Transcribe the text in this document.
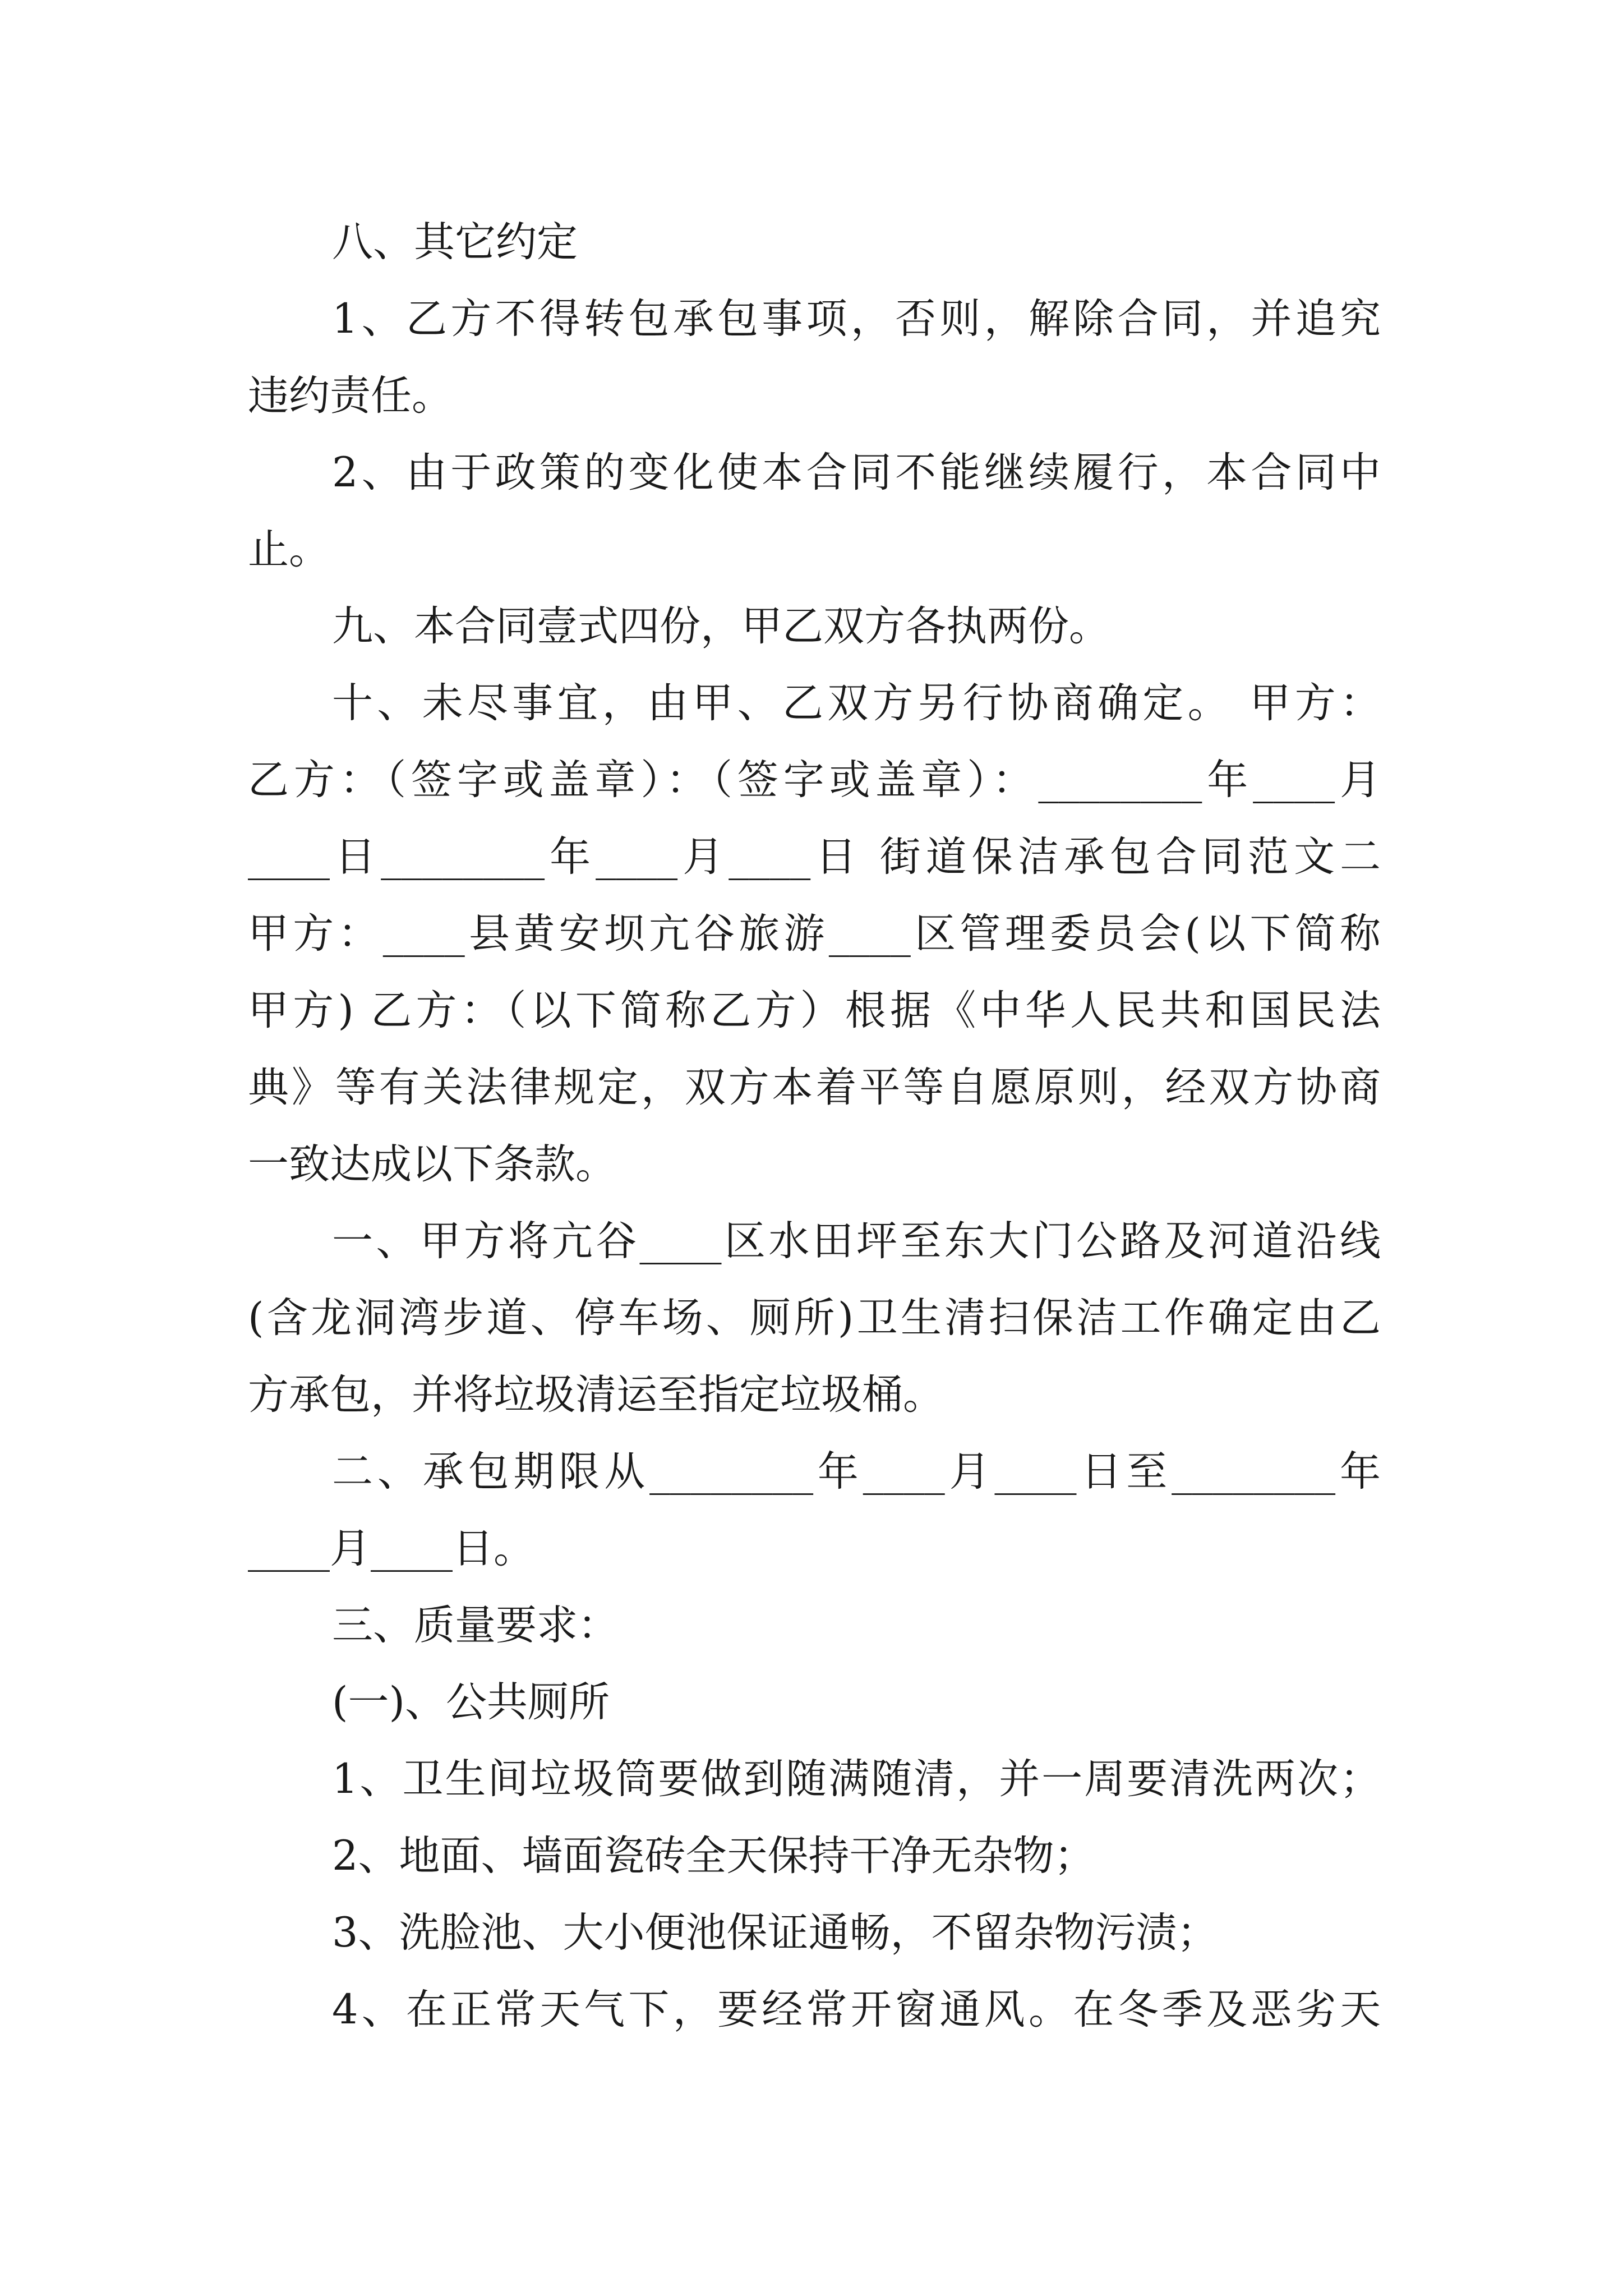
八、其它约定
1、乙方不得转包承包事项，否则，解除合同，并追究
违约责任。
2、由于政策的变化使本合同不能继续履行，本合同中
止。
九、本合同壹式四份，甲乙双方各执两份。
十、未尽事宜，由甲、乙双方另行协商确定。 甲方：
乙方：（签字或盖章）：（签字或盖章）：________年____月
____日________年____月____日 街道保洁承包合同范文二
甲方：____县黄安坝亢谷旅游____区管理委员会(以下简称
甲方) 乙方：（以下简称乙方）根据《中华人民共和国民法
典》等有关法律规定，双方本着平等自愿原则，经双方协商
一致达成以下条款。
一、甲方将亢谷____区水田坪至东大门公路及河道沿线
(含龙洞湾步道、停车场、厕所)卫生清扫保洁工作确定由乙
方承包，并将垃圾清运至指定垃圾桶。
二、承包期限从________年____月____日至________年
____月____日。
三、质量要求：
(一)、公共厕所
1、卫生间垃圾筒要做到随满随清，并一周要清洗两次；
2、地面、墙面瓷砖全天保持干净无杂物；
3、洗脸池、大小便池保证通畅，不留杂物污渍；
4、在正常天气下，要经常开窗通风。在冬季及恶劣天
